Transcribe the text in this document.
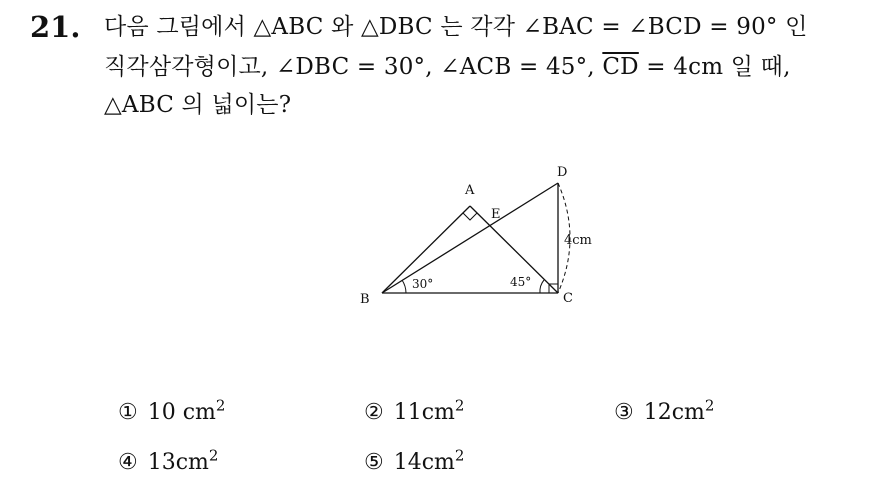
21. 다음 그림에서 △ABC 와 △DBC 는 각각 ∠BAC = ∠BCD = 90° 인
직각삼각형이고, ∠DBC = 30°, ∠ACB = 45°, $\overline{CD} = 4cm$ 일 때,
△ABC 의 넓이는?
A
B	C
D
E
30°	45°
4cm
① 10 $cm^2$	② $11cm^2$	③ $12cm^2$
④ $13cm^2$	⑤ $14cm^2$
